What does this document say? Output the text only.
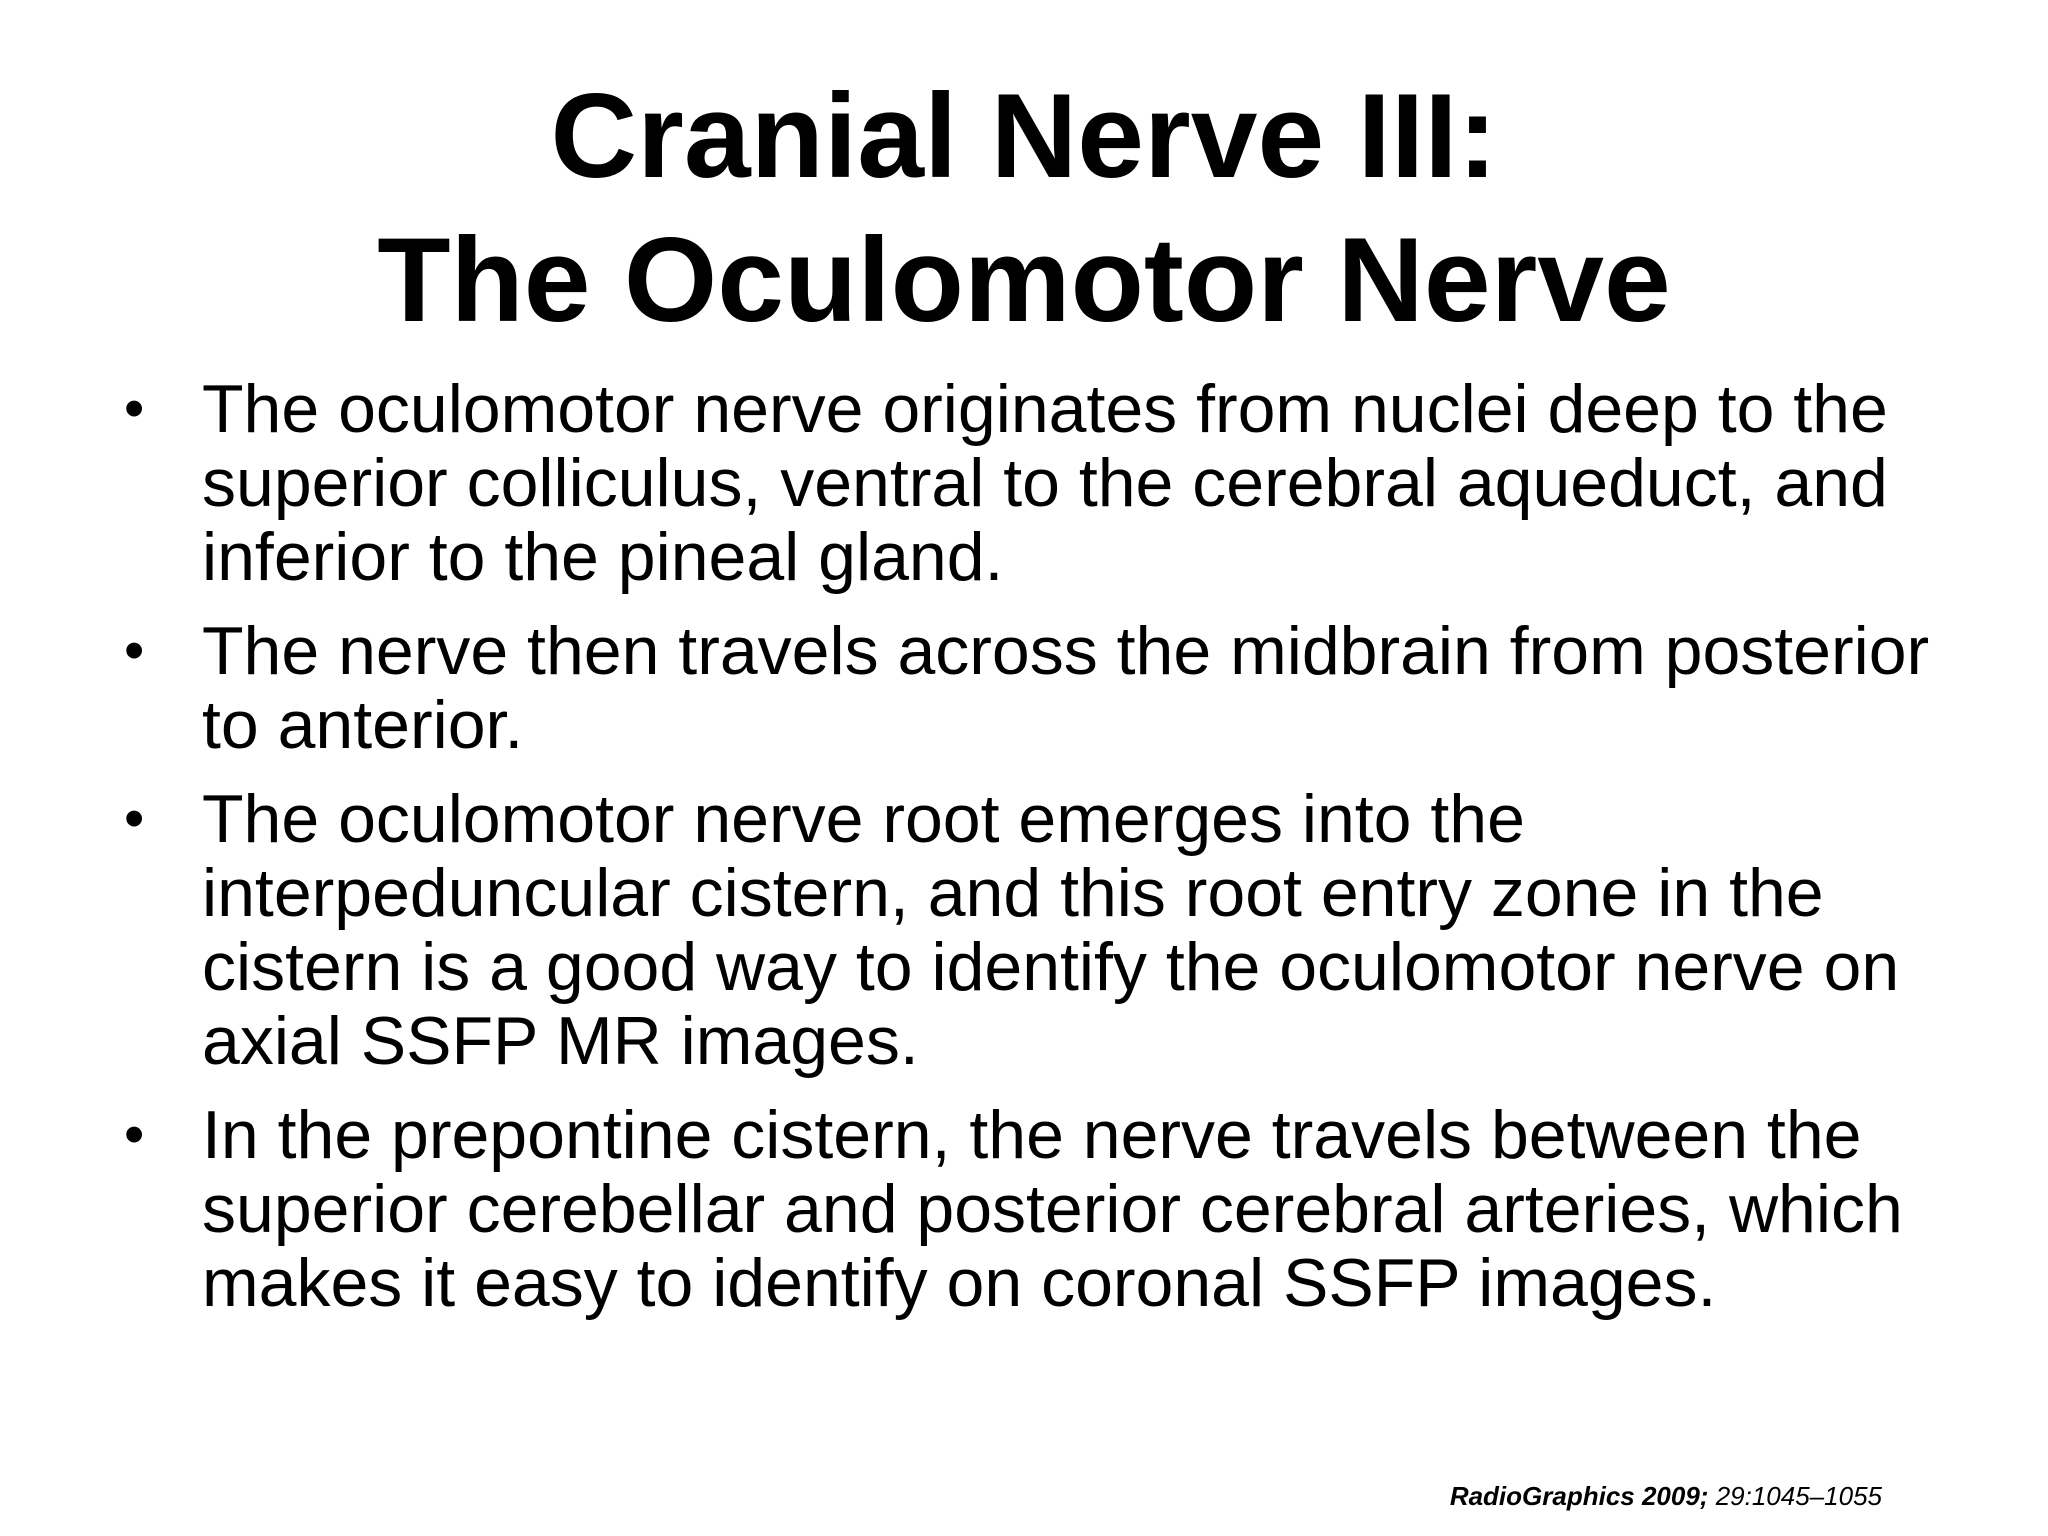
Cranial Nerve III:
The Oculomotor Nerve
• The oculomotor nerve originates from nuclei deep to the superior colliculus, ventral to the cerebral aqueduct, and inferior to the pineal gland.
• The nerve then travels across the midbrain from posterior to anterior.
• The oculomotor nerve root emerges into the interpeduncular cistern, and this root entry zone in the cistern is a good way to identify the oculomotor nerve on axial SSFP MR images.
• In the prepontine cistern, the nerve travels between the superior cerebellar and posterior cerebral arteries, which makes it easy to identify on coronal SSFP images.
RadioGraphics 2009; 29:1045–1055
